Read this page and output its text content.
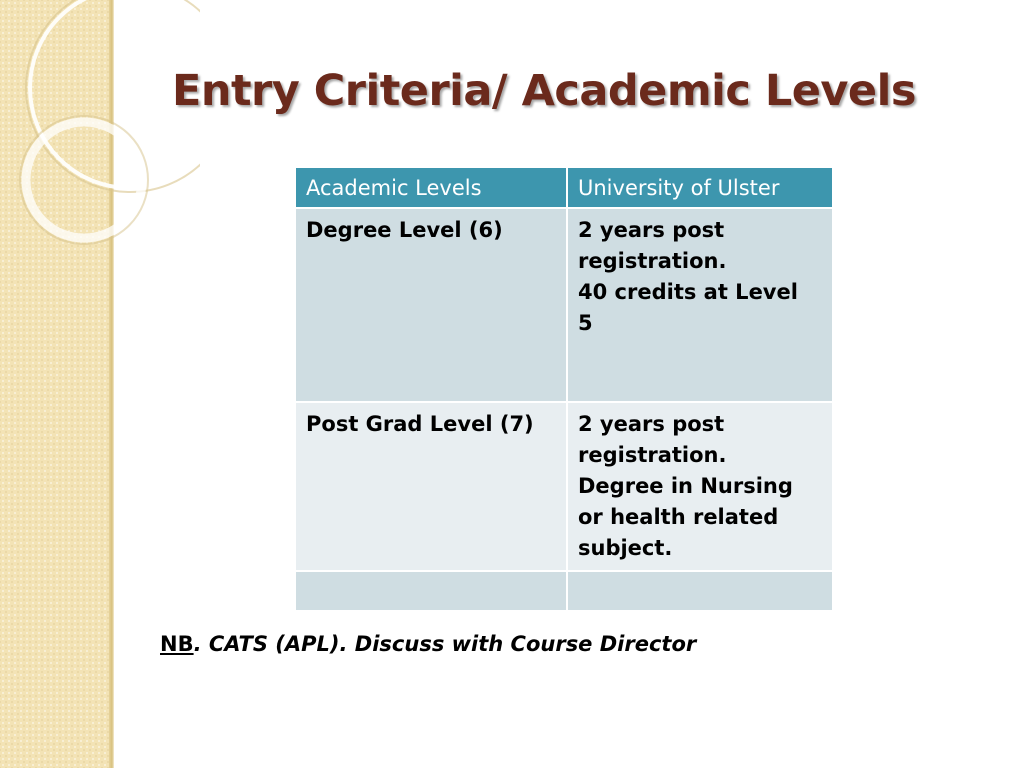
Entry Criteria/ Academic Levels
Academic Levels	University of Ulster
Degree Level (6)	2 years post
registration.
40 credits at Level
5

Post Grad Level (7)	2 years post
registration.
Degree in Nursing
or health related
subject.

NB. CATS (APL). Discuss with Course Director
